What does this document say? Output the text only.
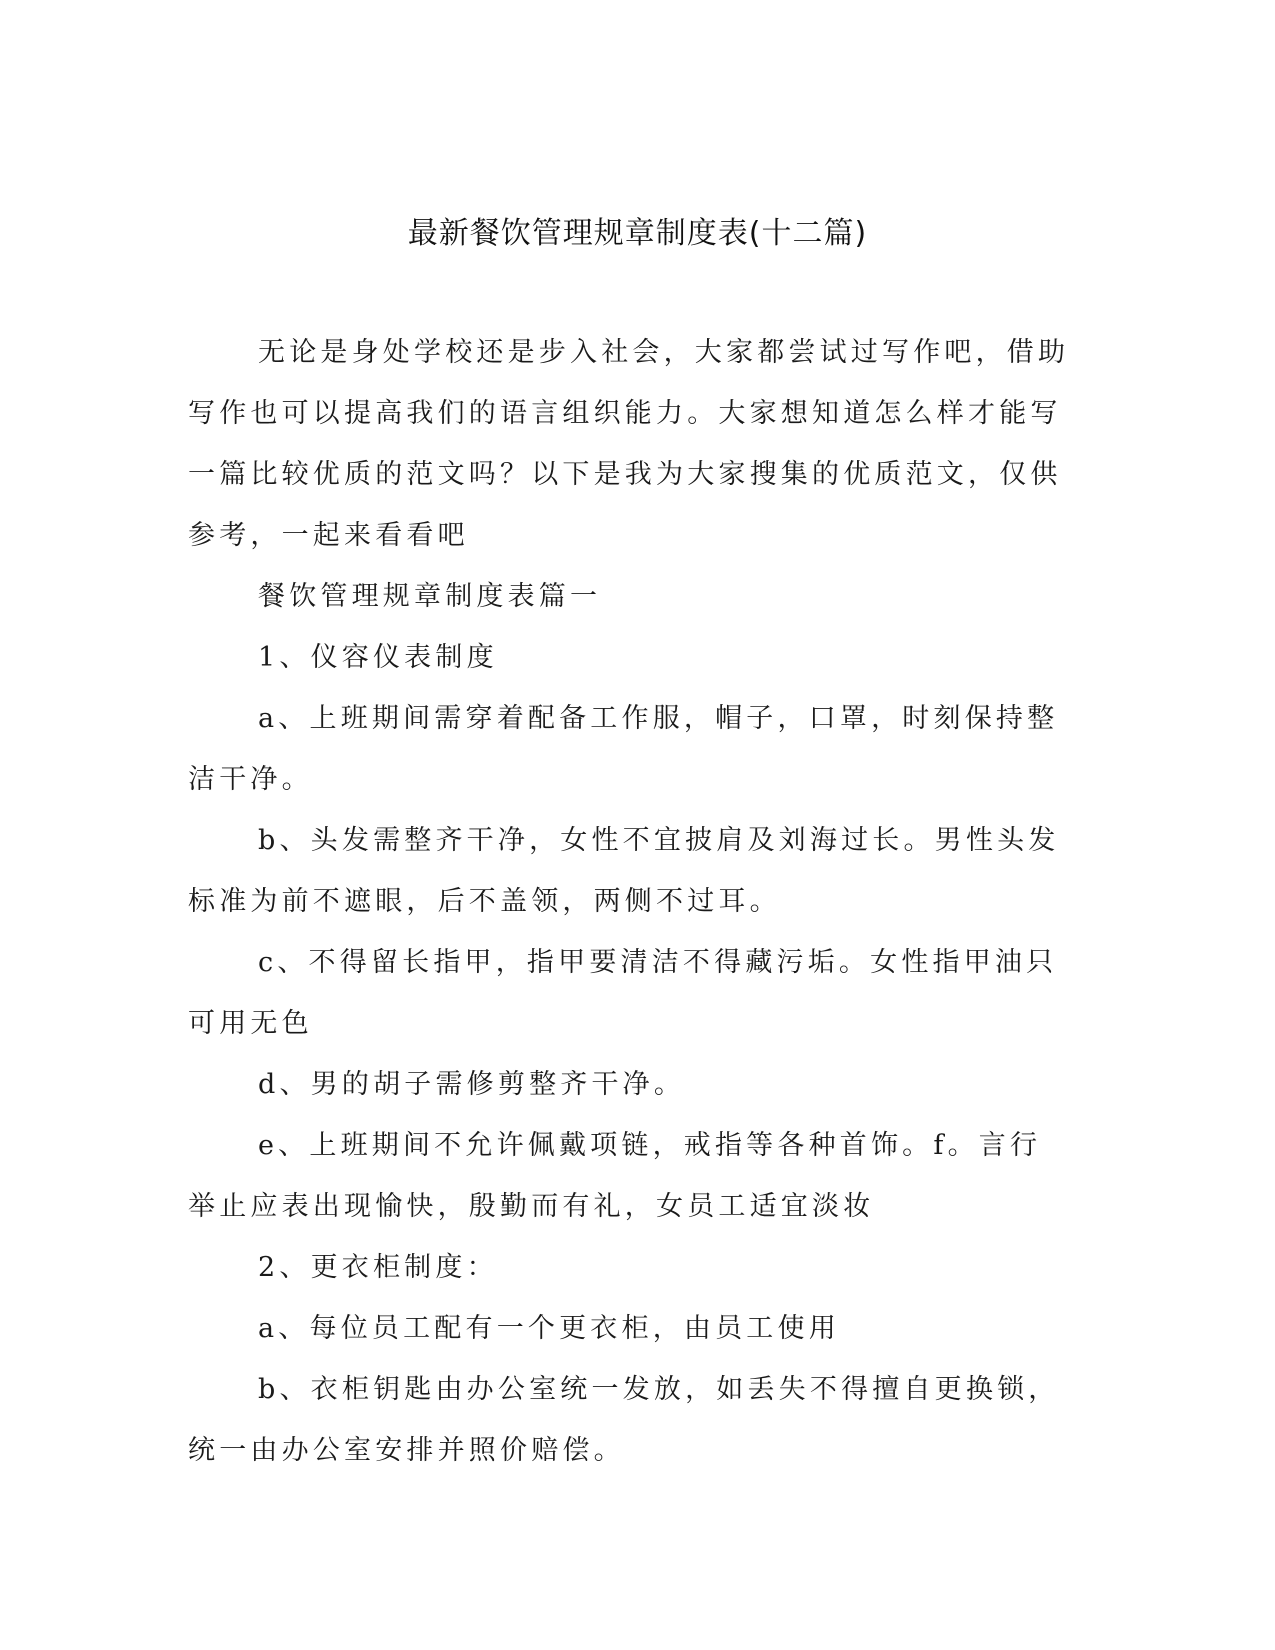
最新餐饮管理规章制度表(十二篇)

无论是身处学校还是步入社会，大家都尝试过写作吧，借助写作也可以提高我们的语言组织能力。大家想知道怎么样才能写一篇比较优质的范文吗？以下是我为大家搜集的优质范文，仅供参考，一起来看看吧

餐饮管理规章制度表篇一

1、仪容仪表制度

a、上班期间需穿着配备工作服，帽子，口罩，时刻保持整洁干净。

b、头发需整齐干净，女性不宜披肩及刘海过长。男性头发标准为前不遮眼，后不盖领，两侧不过耳。

c、不得留长指甲，指甲要清洁不得藏污垢。女性指甲油只可用无色

d、男的胡子需修剪整齐干净。

e、上班期间不允许佩戴项链，戒指等各种首饰。f。言行举止应表出现愉快，殷勤而有礼，女员工适宜淡妆

2、更衣柜制度：

a、每位员工配有一个更衣柜，由员工使用

b、衣柜钥匙由办公室统一发放，如丢失不得擅自更换锁，统一由办公室安排并照价赔偿。
